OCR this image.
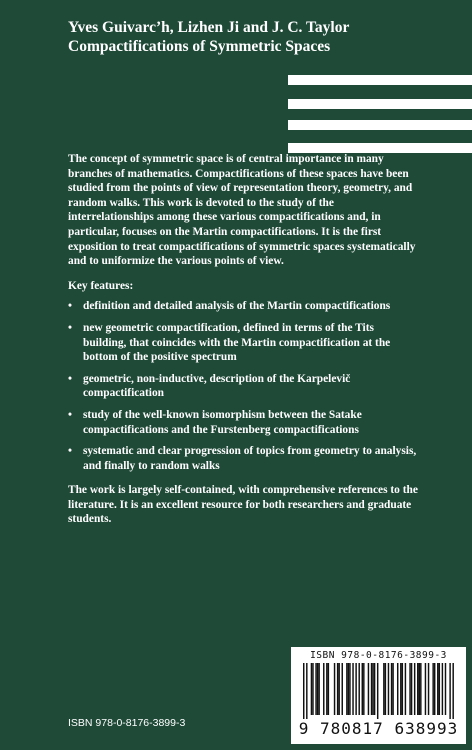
Yves Guivarc’h, Lizhen Ji and J. C. Taylor
Compactifications of Symmetric Spaces

The concept of symmetric space is of central importance in many branches of mathematics. Compactifications of these spaces have been studied from the points of view of representation theory, geometry, and random walks. This work is devoted to the study of the interrelationships among these various compactifications and, in particular, focuses on the Martin compactifications. It is the first exposition to treat compactifications of symmetric spaces systematically and to uniformize the various points of view.

Key features:

• definition and detailed analysis of the Martin compactifications
• new geometric compactification, defined in terms of the Tits building, that coincides with the Martin compactification at the bottom of the positive spectrum
• geometric, non-inductive, description of the Karpelevič compactification
• study of the well-known isomorphism between the Satake compactifications and the Furstenberg compactifications
• systematic and clear progression of topics from geometry to analysis, and finally to random walks

The work is largely self-contained, with comprehensive references to the literature. It is an excellent resource for both researchers and graduate students.

ISBN 978-0-8176-3899-3
9 780817 638993
ISBN 978-0-8176-3899-3
